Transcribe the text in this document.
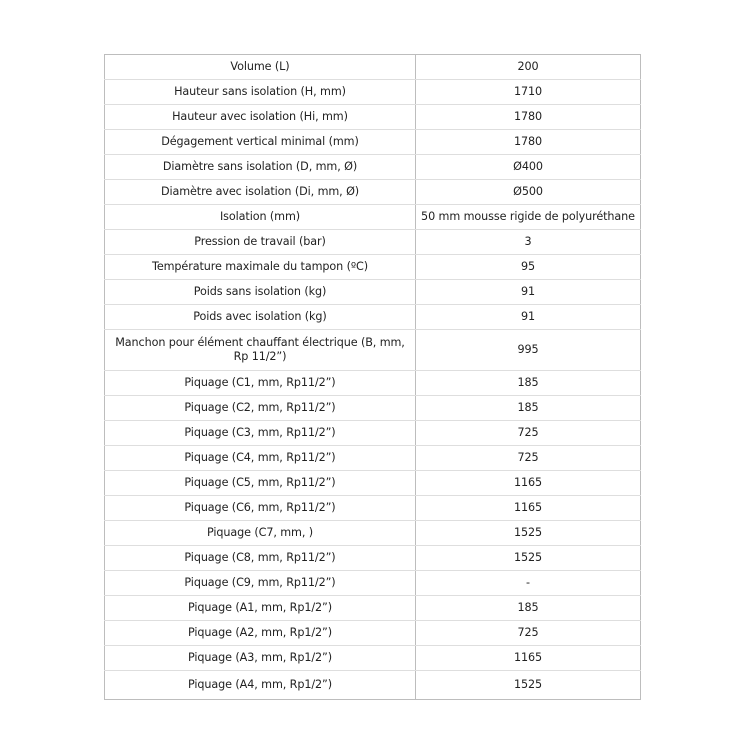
Volume (L)	200
Hauteur sans isolation (H, mm)	1710
Hauteur avec isolation (Hi, mm)	1780
Dégagement vertical minimal (mm)	1780
Diamètre sans isolation (D, mm, Ø)	Ø400
Diamètre avec isolation (Di, mm, Ø)	Ø500
Isolation (mm)	50 mm mousse rigide de polyuréthane
Pression de travail (bar)	3
Température maximale du tampon (ºC)	95
Poids sans isolation (kg)	91
Poids avec isolation (kg)	91
Manchon pour élément chauffant électrique (B, mm, Rp 11/2”)	995
Piquage (C1, mm, Rp11/2”)	185
Piquage (C2, mm, Rp11/2”)	185
Piquage (C3, mm, Rp11/2”)	725
Piquage (C4, mm, Rp11/2”)	725
Piquage (C5, mm, Rp11/2”)	1165
Piquage (C6, mm, Rp11/2”)	1165
Piquage (C7, mm, )	1525
Piquage (C8, mm, Rp11/2”)	1525
Piquage (C9, mm, Rp11/2”)	-
Piquage (A1, mm, Rp1/2”)	185
Piquage (A2, mm, Rp1/2”)	725
Piquage (A3, mm, Rp1/2”)	1165
Piquage (A4, mm, Rp1/2”)	1525
